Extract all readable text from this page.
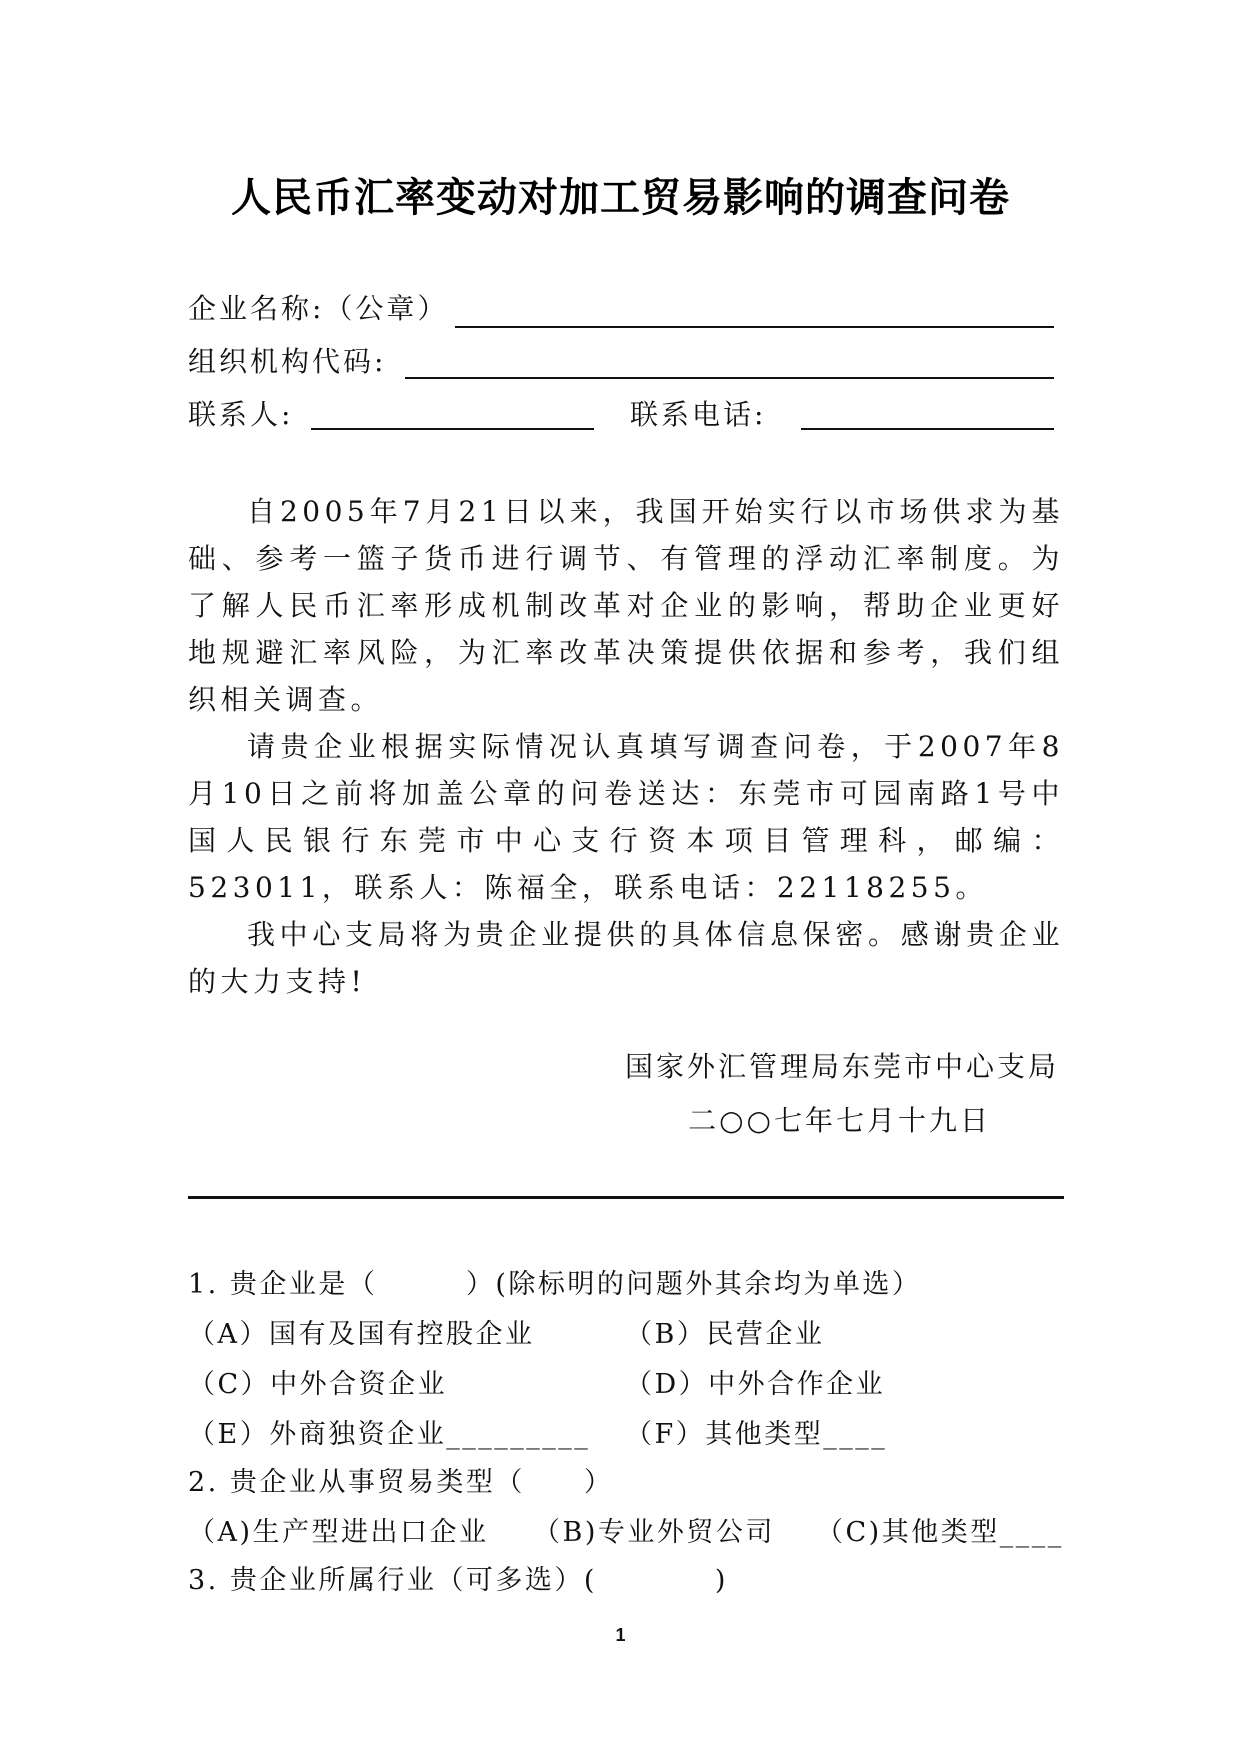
人民币汇率变动对加工贸易影响的调查问卷
企业名称:（公章）
组织机构代码:
联系人:	联系电话:

自2005年7月21日以来，我国开始实行以市场供求为基础、参考一篮子货币进行调节、有管理的浮动汇率制度。为了解人民币汇率形成机制改革对企业的影响，帮助企业更好地规避汇率风险，为汇率改革决策提供依据和参考，我们组织相关调查。

请贵企业根据实际情况认真填写调查问卷，于2007年8月10日之前将加盖公章的问卷送达：东莞市可园南路1号中国人民银行东莞市中心支行资本项目管理科，邮编：523011，联系人：陈福全，联系电话：22118255。

我中心支局将为贵企业提供的具体信息保密。感谢贵企业的大力支持!

国家外汇管理局东莞市中心支局
二○○七年七月十九日
1. 贵企业是（　　　）(除标明的问题外其余均为单选）
（A）国有及国有控股企业	（B）民营企业
（C）中外合资企业	（D）中外合作企业
（E）外商独资企业_________ （F）其他类型____
2. 贵企业从事贸易类型（　　）
（A)生产型进出口企业 （B)专业外贸公司 （C)其他类型____
3. 贵企业所属行业（可多选）(　　　　)
1
